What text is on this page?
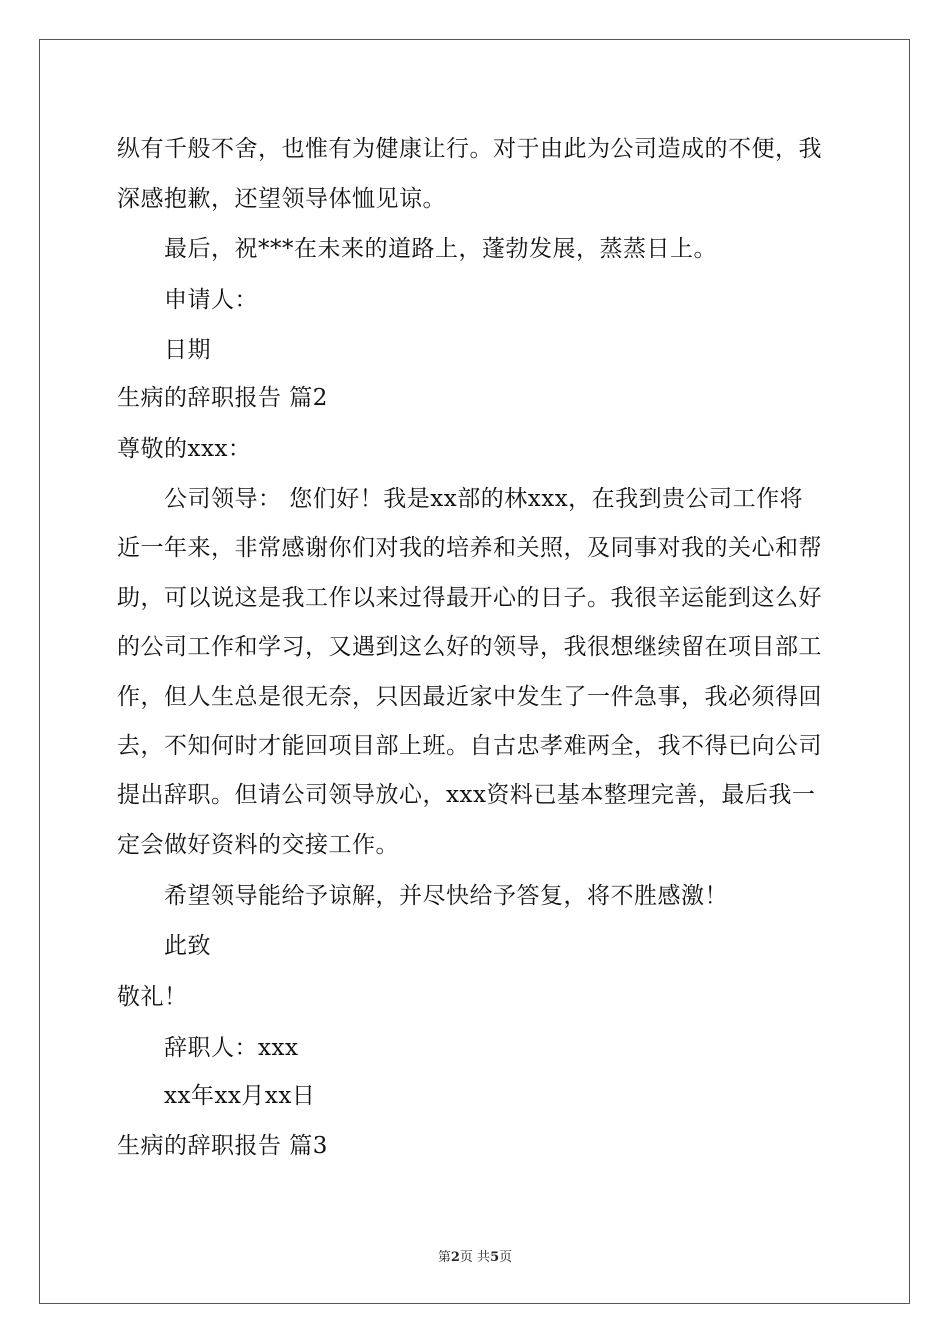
纵有千般不舍，也惟有为健康让行。对于由此为公司造成的不便，我
深感抱歉，还望领导体恤见谅。
最后，祝***在未来的道路上，蓬勃发展，蒸蒸日上。
申请人：
日期
生病的辞职报告 篇2
尊敬的xxx：
公司领导： 您们好！我是xx部的林xxx，在我到贵公司工作将
近一年来，非常感谢你们对我的培养和关照，及同事对我的关心和帮
助，可以说这是我工作以来过得最开心的日子。我很辛运能到这么好
的公司工作和学习，又遇到这么好的领导，我很想继续留在项目部工
作，但人生总是很无奈，只因最近家中发生了一件急事，我必须得回
去，不知何时才能回项目部上班。自古忠孝难两全，我不得已向公司
提出辞职。但请公司领导放心，xxx资料已基本整理完善，最后我一
定会做好资料的交接工作。
希望领导能给予谅解，并尽快给予答复，将不胜感激！
此致
敬礼！
辞职人：xxx
xx年xx月xx日
生病的辞职报告 篇3
第2页 共5页
